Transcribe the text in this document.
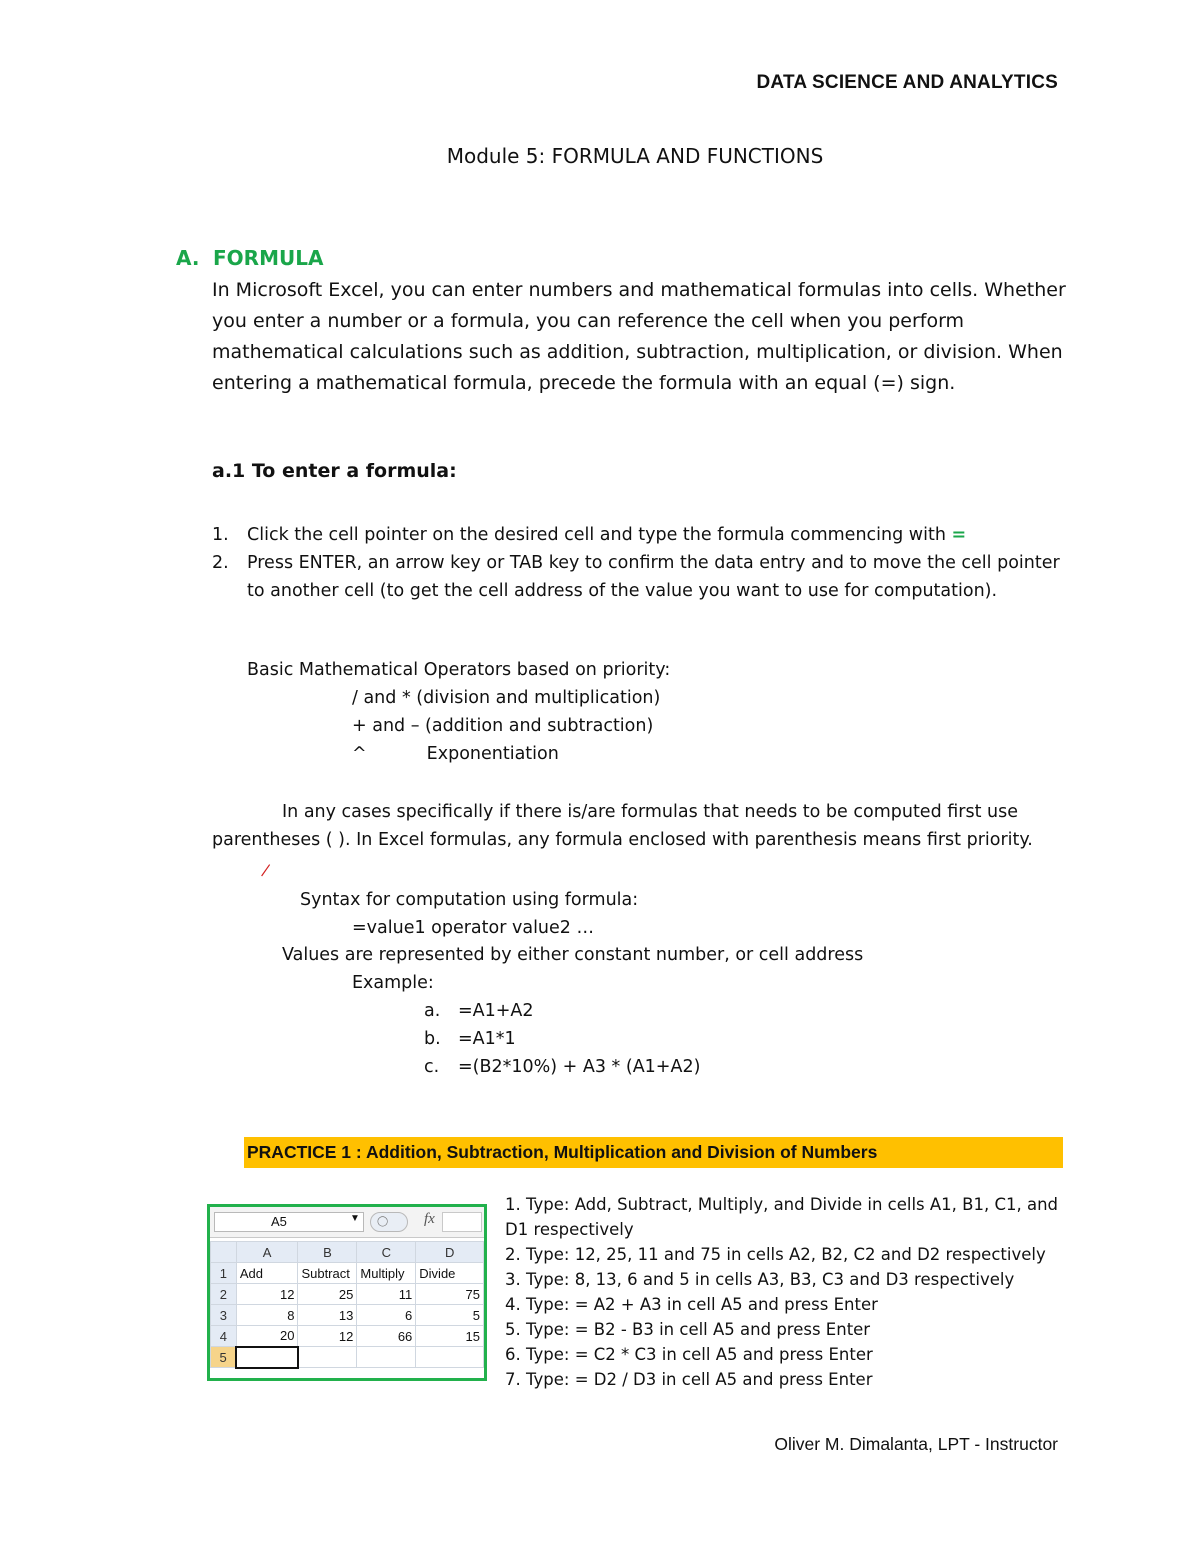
DATA SCIENCE AND ANALYTICS
Module 5: FORMULA AND FUNCTIONS
A. FORMULA
In Microsoft Excel, you can enter numbers and mathematical formulas into cells. Whether you enter a number or a formula, you can reference the cell when you perform mathematical calculations such as addition, subtraction, multiplication, or division. When entering a mathematical formula, precede the formula with an equal (=) sign.
a.1 To enter a formula:
1.	Click the cell pointer on the desired cell and type the formula commencing with =
2.	Press ENTER, an arrow key or TAB key to confirm the data entry and to move the cell pointer to another cell (to get the cell address of the value you want to use for computation).
Basic Mathematical Operators based on priority:
/ and * (division and multiplication)
+ and – (addition and subtraction)
^	Exponentiation
In any cases specifically if there is/are formulas that needs to be computed first use parentheses ( ). In Excel formulas, any formula enclosed with parenthesis means first priority.
❘
Syntax for computation using formula:
=value1 operator value2 …
Values are represented by either constant number, or cell address
Example:
a.	=A1+A2
b. =A1*1
c.	=(B2*10%) + A3 * (A1+A2)
PRACTICE 1 : Addition, Subtraction, Multiplication and Division of Numbers
A5	▼	◯	fx
	A	B	C	D
1	Add	Subtract	Multiply	Divide
2	12	25	11	75
3	8	13	6	5
4	20	12	66	15
5				
1. Type: Add, Subtract, Multiply, and Divide in cells A1, B1, C1, and D1 respectively
2. Type: 12, 25, 11 and 75 in cells A2, B2, C2 and D2 respectively
3. Type: 8, 13, 6 and 5 in cells A3, B3, C3 and D3 respectively
4. Type: = A2 + A3 in cell A5 and press Enter
5. Type: = B2 - B3 in cell A5 and press Enter
6. Type: = C2 * C3 in cell A5 and press Enter
7. Type: = D2 / D3 in cell A5 and press Enter
Oliver M. Dimalanta, LPT - Instructor
